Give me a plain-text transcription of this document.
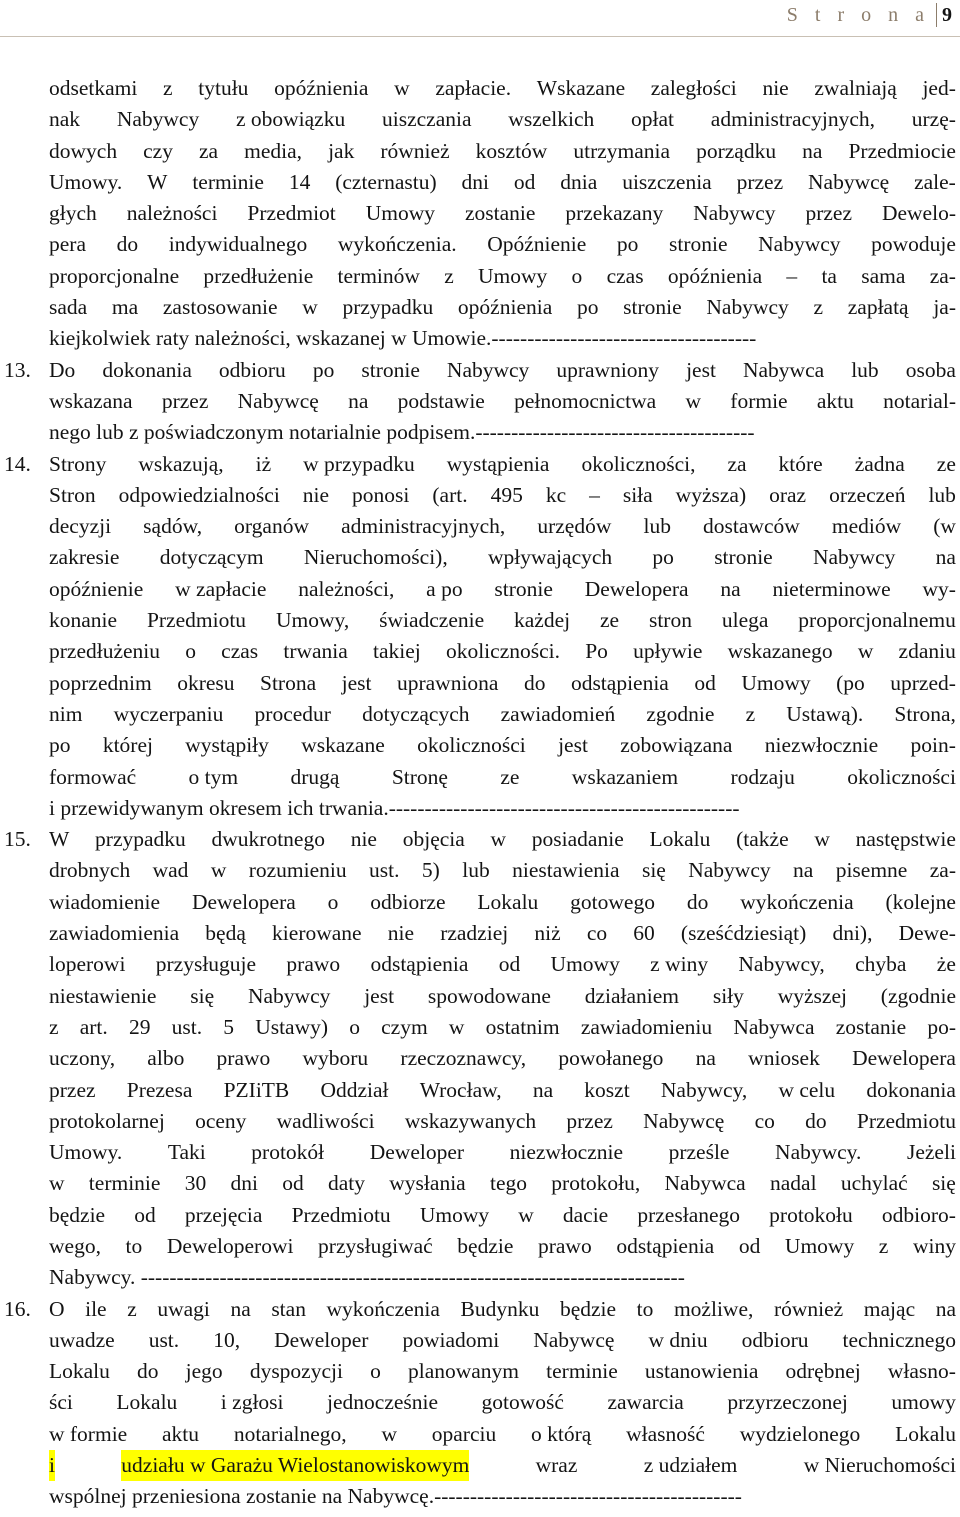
S t r o n a 9
odsetkami z tytułu opóźnienia w zapłacie. Wskazane zaległości nie zwalniają jed-
nak Nabywcy z obowiązku uiszczania wszelkich opłat administracyjnych, urzę-
dowych czy za media, jak również kosztów utrzymania porządku na Przedmiocie
Umowy. W terminie 14 (czternastu) dni od dnia uiszczenia przez Nabywcę zale-
głych należności Przedmiot Umowy zostanie przekazany Nabywcy przez Dewelo-
pera do indywidualnego wykończenia. Opóźnienie po stronie Nabywcy powoduje
proporcjonalne przedłużenie terminów z Umowy o czas opóźnienia – ta sama za-
sada ma zastosowanie w przypadku opóźnienia po stronie Nabywcy z zapłatą ja-
kiejkolwiek raty należności, wskazanej w Umowie.-------------------------------------
13. Do dokonania odbioru po stronie Nabywcy uprawniony jest Nabywca lub osoba
wskazana przez Nabywcę na podstawie pełnomocnictwa w formie aktu notarial-
nego lub z poświadczonym notarialnie podpisem.---------------------------------------
14. Strony wskazują, iż w przypadku wystąpienia okoliczności, za które żadna ze
Stron odpowiedzialności nie ponosi (art. 495 kc – siła wyższa) oraz orzeczeń lub
decyzji sądów, organów administracyjnych, urzędów lub dostawców mediów (w
zakresie dotyczącym Nieruchomości), wpływających po stronie Nabywcy na
opóźnienie w zapłacie należności, a po stronie Dewelopera na nieterminowe wy-
konanie Przedmiotu Umowy, świadczenie każdej ze stron ulega proporcjonalnemu
przedłużeniu o czas trwania takiej okoliczności. Po upływie wskazanego w zdaniu
poprzednim okresu Strona jest uprawniona do odstąpienia od Umowy (po uprzed-
nim wyczerpaniu procedur dotyczących zawiadomień zgodnie z Ustawą). Strona,
po której wystąpiły wskazane okoliczności jest zobowiązana niezwłocznie poin-
formować o tym drugą Stronę ze wskazaniem rodzaju okoliczności
i przewidywanym okresem ich trwania.-------------------------------------------------
15. W przypadku dwukrotnego nie objęcia w posiadanie Lokalu (także w następstwie
drobnych wad w rozumieniu ust. 5) lub niestawienia się Nabywcy na pisemne za-
wiadomienie Dewelopera o odbiorze Lokalu gotowego do wykończenia (kolejne
zawiadomienia będą kierowane nie rzadziej niż co 60 (sześćdziesiąt) dni), Dewe-
loperowi przysługuje prawo odstąpienia od Umowy z winy Nabywcy, chyba że
niestawienie się Nabywcy jest spowodowane działaniem siły wyższej (zgodnie
z art. 29 ust. 5 Ustawy) o czym w ostatnim zawiadomieniu Nabywca zostanie po-
uczony, albo prawo wyboru rzeczoznawcy, powołanego na wniosek Dewelopera
przez Prezesa PZIiTB Oddział Wrocław, na koszt Nabywcy, w celu dokonania
protokolarnej oceny wadliwości wskazywanych przez Nabywcę co do Przedmiotu
Umowy. Taki protokół Deweloper niezwłocznie prześle Nabywcy. Jeżeli
w terminie 30 dni od daty wysłania tego protokołu, Nabywca nadal uchylać się
będzie od przejęcia Przedmiotu Umowy w dacie przesłanego protokołu odbioro-
wego, to Deweloperowi przysługiwać będzie prawo odstąpienia od Umowy z winy
Nabywcy. ----------------------------------------------------------------------------
16. O ile z uwagi na stan wykończenia Budynku będzie to możliwe, również mając na
uwadze ust. 10, Deweloper powiadomi Nabywcę w dniu odbioru technicznego
Lokalu do jego dyspozycji o planowanym terminie ustanowienia odrębnej własno-
ści Lokalu i zgłosi jednocześnie gotowość zawarcia przyrzeczonej umowy
w formie aktu notarialnego, w oparciu o którą własność wydzielonego Lokalu
i	udziału w Garażu Wielostanowiskowym	wraz	z udziałem	w Nieruchomości
wspólnej przeniesiona zostanie na Nabywcę.-------------------------------------------
